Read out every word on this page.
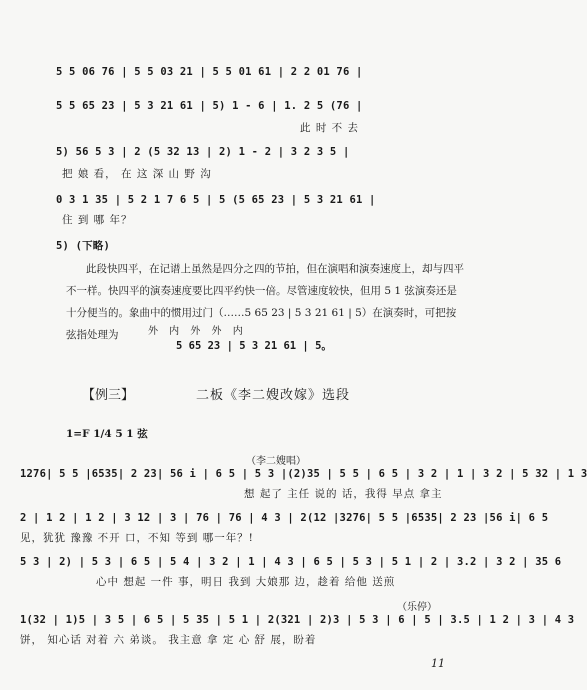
5 5 06 76 | 5 5 03 21 | 5 5 01 61 | 2 2 01 76 |
5 5 65 23 | 5 3 21 61 | 5) 1 - 6 | 1. 2 5 (76 |
此 时 不 去
5) 56 5 3 | 2 (5 32 13 | 2) 1 - 2 | 3 2 3 5 |
把 娘 看， 在 这 深 山 野 沟
0 3 1 35 | 5 2 1 7 6 5 | 5 (5 65 23 | 5 3 21 61 |
住 到 哪 年？
5) (下略)

此段快四平，在记谱上虽然是四分之四的节拍，但在演唱和演奏速度上，却与四平不一样。快四平的演奏速度要比四平约快一倍。尽管速度较快，但用 5 1 弦演奏还是十分便当的。象曲中的惯用过门（……5 65 23 | 5 3 21 61 | 5）在演奏时，可把按弦指处理为	外 内 外 外 内
5 65 23 | 5 3 21 61 | 5。
【例三】	二板《李二嫂改嫁》选段
1=F 1/4 5 1 弦
（李二嫂唱）
1276| 5 5 |6535| 2 23| 56 i | 6 5 | 5 3 |(2)35 | 5 5 | 6 5 | 3 2 | 1 | 3 2 | 5 32 | 1 3
想 起了 主任 说的 话，我得 早点 拿主
2 | 1 2 | 1 2 | 3 12 | 3 | 76 | 76 | 4 3 | 2(12 |3276| 5 5 |6535| 2 23 |56 i| 6 5
见，犹犹 豫豫 不开 口，不知 等到 哪一年？!
5 3 | 2) | 5 3 | 6 5 | 5 4 | 3 2 | 1 | 4 3 | 6 5 | 5 3 | 5 1 | 2 | 3.2 | 3 2 | 35 6
心中 想起 一件 事，明日 我到 大娘那 边，趁着 给他 送煎
（乐停）
1(32 | 1)5 | 3 5 | 6 5 | 5 35 | 5 1 | 2(321 | 2)3 | 5 3 | 6 | 5 | 3.5 | 1 2 | 3 | 4 3
饼， 知心话 对着 六 弟谈。 我主意 拿 定 心 舒 展，盼着
11
